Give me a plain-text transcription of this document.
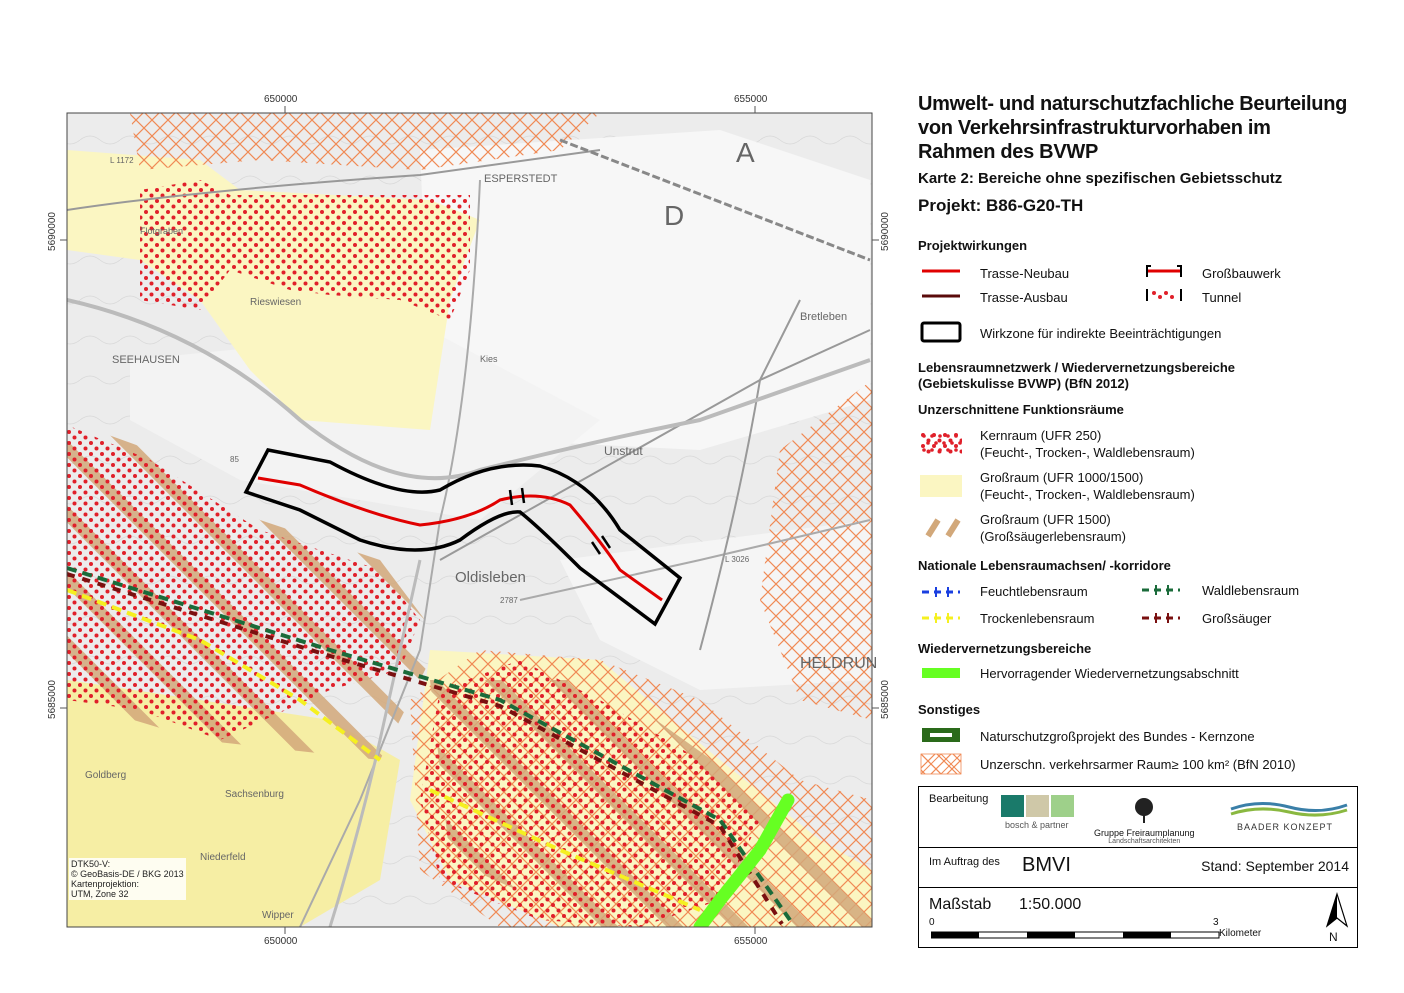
ESPERSTEDT
SEEHAUSEN
Oldisleben
HELDRUN
Bretleben
Unstrut
Flotgraben
Rieswiesen
Goldberg
Sachsenburg
Niederfeld
Wipper
Kies
D
A
L 1172
85
L 3026
2787
650000	655000
650000	655000
5690000
5685000
5690000
5685000
DTK50-V:
© GeoBasis-DE / BKG 2013
Kartenprojektion:
UTM, Zone 32
Umwelt- und naturschutzfachliche Beurteilung
von Verkehrsinfrastrukturvorhaben im
Rahmen des BVWP
Karte 2: Bereiche ohne spezifischen Gebietsschutz
Projekt: B86-G20-TH
Projektwirkungen
Trasse-Neubau	Großbauwerk
Trasse-Ausbau	Tunnel
Wirkzone für indirekte Beeinträchtigungen
Lebensraumnetzwerk / Wiedervernetzungsbereiche
(Gebietskulisse BVWP) (BfN 2012)
Unzerschnittene Funktionsräume
Kernraum (UFR 250)
(Feucht-, Trocken-, Waldlebensraum)
Großraum (UFR 1000/1500)
(Feucht-, Trocken-, Waldlebensraum)
Großraum (UFR 1500)
(Großsäugerlebensraum)
Nationale Lebensraumachsen/ -korridore
Feuchtlebensraum	Waldlebensraum
Trockenlebensraum	Großsäuger
Wiedervernetzungsbereiche
Hervorragender Wiedervernetzungsabschnitt
Sonstiges
Naturschutzgroßprojekt des Bundes - Kernzone
Unzerschn. verkehrsarmer Raum≥ 100 km² (BfN 2010)
Bearbeitung
bosch & partner
Gruppe Freiraumplanung
Landschaftsarchitekten
BAADER KONZEPT
Im Auftrag des BMVI	Stand: September 2014
Maßstab 1:50.000
0	3
Kilometer	N
